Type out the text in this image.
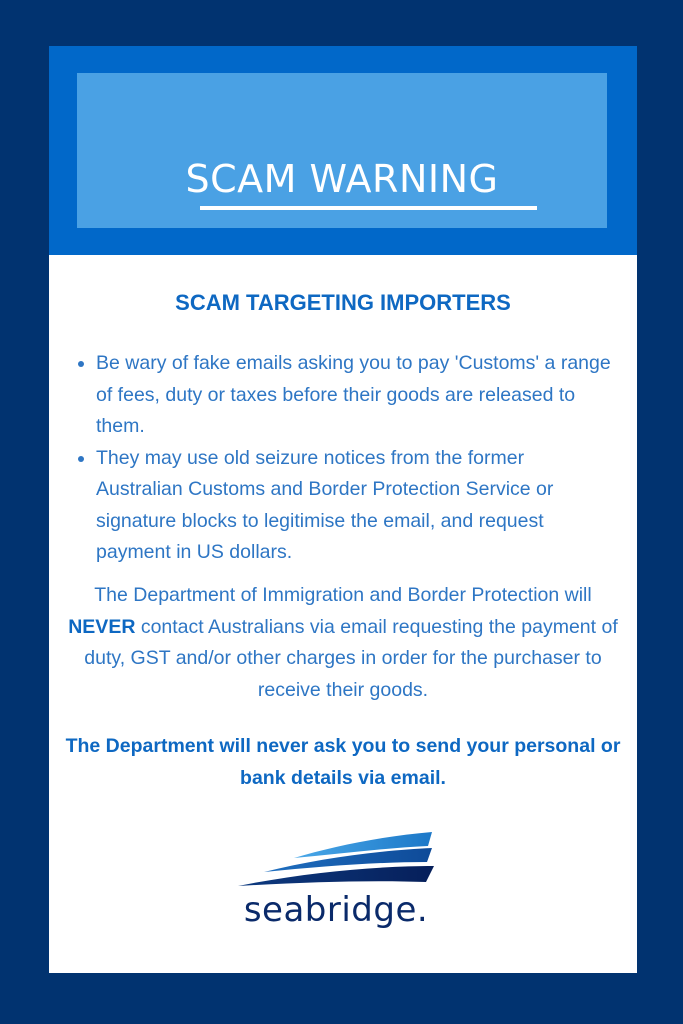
SCAM WARNING
SCAM TARGETING IMPORTERS
Be wary of fake emails asking you to pay 'Customs' a range of fees, duty or taxes before their goods are released to them.
They may use old seizure notices from the former Australian Customs and Border Protection Service or signature blocks to legitimise the email, and request payment in US dollars.

The Department of Immigration and Border Protection will NEVER contact Australians via email requesting the payment of duty, GST and/or other charges in order for the purchaser to receive their goods.

The Department will never ask you to send your personal or bank details via email.

seabridge.
